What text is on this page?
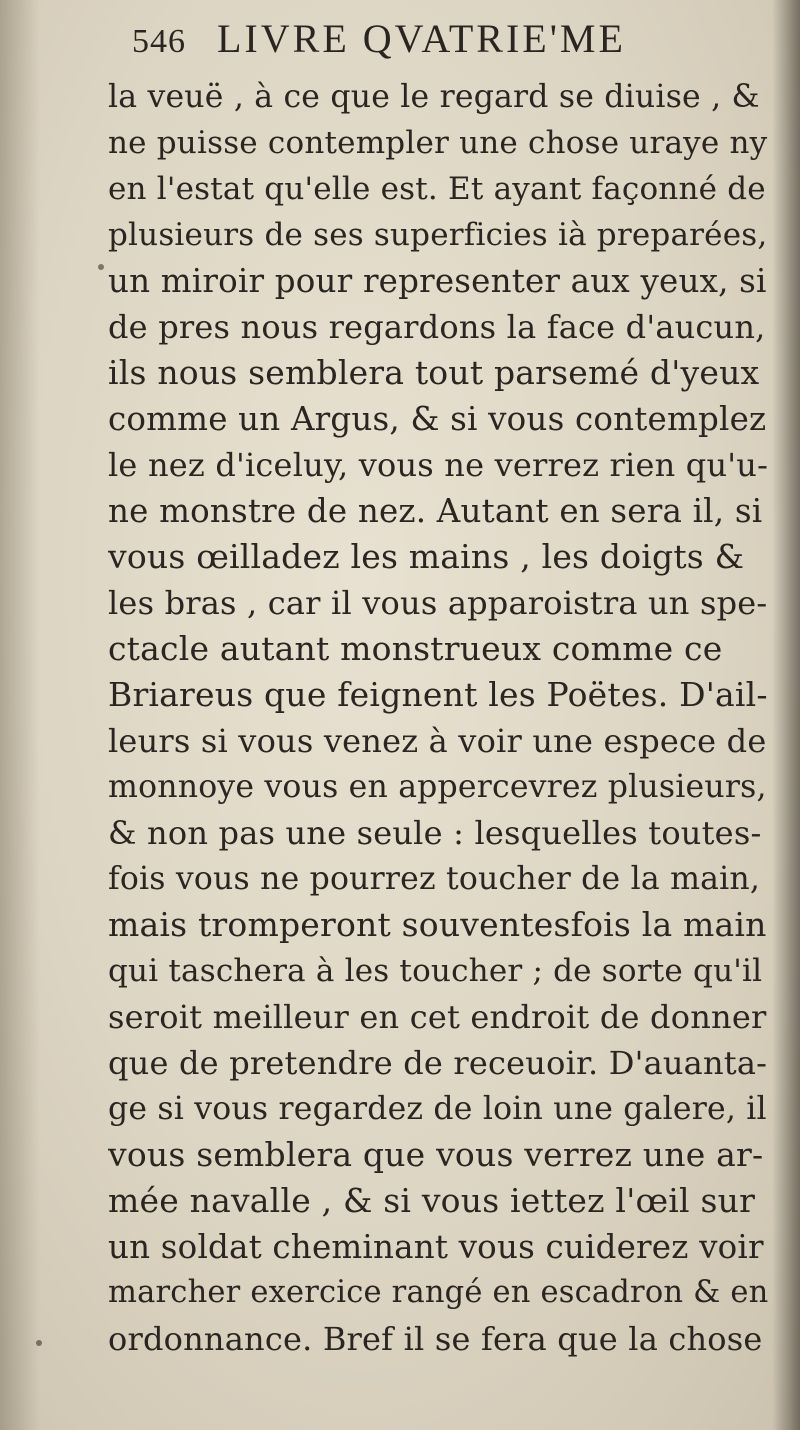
546 LIVRE QVATRIE'ME
la veuë , à ce que le regard se diuise , &
ne puisse contempler une chose uraye ny
en l'estat qu'elle est. Et ayant façonné de
plusieurs de ses superficies ià preparées,
un miroir pour representer aux yeux, si
de pres nous regardons la face d'aucun,
ils nous semblera tout parsemé d'yeux
comme un Argus, & si vous contemplez
le nez d'iceluy, vous ne verrez rien qu'u-
ne monstre de nez. Autant en sera il, si
vous œilladez les mains , les doigts &
les bras , car il vous apparoistra un spe-
ctacle autant monstrueux comme ce
Briareus que feignent les Poëtes. D'ail-
leurs si vous venez à voir une espece de
monnoye vous en appercevrez plusieurs,
& non pas une seule : lesquelles toutes-
fois vous ne pourrez toucher de la main,
mais tromperont souventesfois la main
qui taschera à les toucher ; de sorte qu'il
seroit meilleur en cet endroit de donner
que de pretendre de receuoir. D'auanta-
ge si vous regardez de loin une galere, il
vous semblera que vous verrez une ar-
mée navalle , & si vous iettez l'œil sur
un soldat cheminant vous cuiderez voir
marcher exercice rangé en escadron & en
ordonnance. Bref il se fera que la chose
